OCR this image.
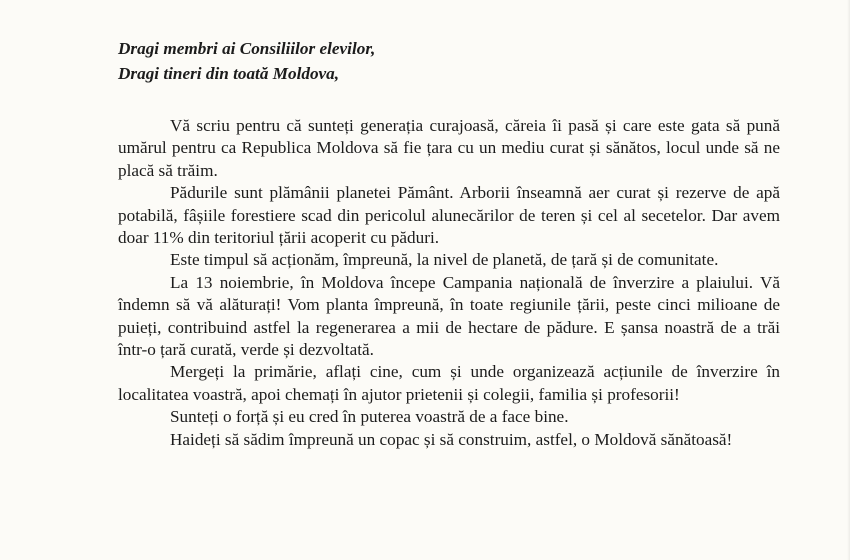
Dragi membri ai Consiliilor elevilor,
Dragi tineri din toată Moldova,

Vă scriu pentru că sunteți generația curajoasă, căreia îi pasă și care este gata să pună umărul pentru ca Republica Moldova să fie țara cu un mediu curat și sănătos, locul unde să ne placă să trăim.

Pădurile sunt plămânii planetei Pământ. Arborii înseamnă aer curat și rezerve de apă potabilă, fâșiile forestiere scad din pericolul alunecărilor de teren și cel al secetelor. Dar avem doar 11% din teritoriul țării acoperit cu păduri.

Este timpul să acționăm, împreună, la nivel de planetă, de țară și de comunitate.

La 13 noiembrie, în Moldova începe Campania națională de înverzire a plaiului. Vă îndemn să vă alăturați! Vom planta împreună, în toate regiunile țării, peste cinci milioane de puieți, contribuind astfel la regenerarea a mii de hectare de pădure. E șansa noastră de a trăi într-o țară curată, verde și dezvoltată.

Mergeți la primărie, aflați cine, cum și unde organizează acțiunile de înverzire în localitatea voastră, apoi chemați în ajutor prietenii și colegii, familia și profesorii!

Sunteți o forță și eu cred în puterea voastră de a face bine.

Haideți să sădim împreună un copac și să construim, astfel, o Moldovă sănătoasă!
